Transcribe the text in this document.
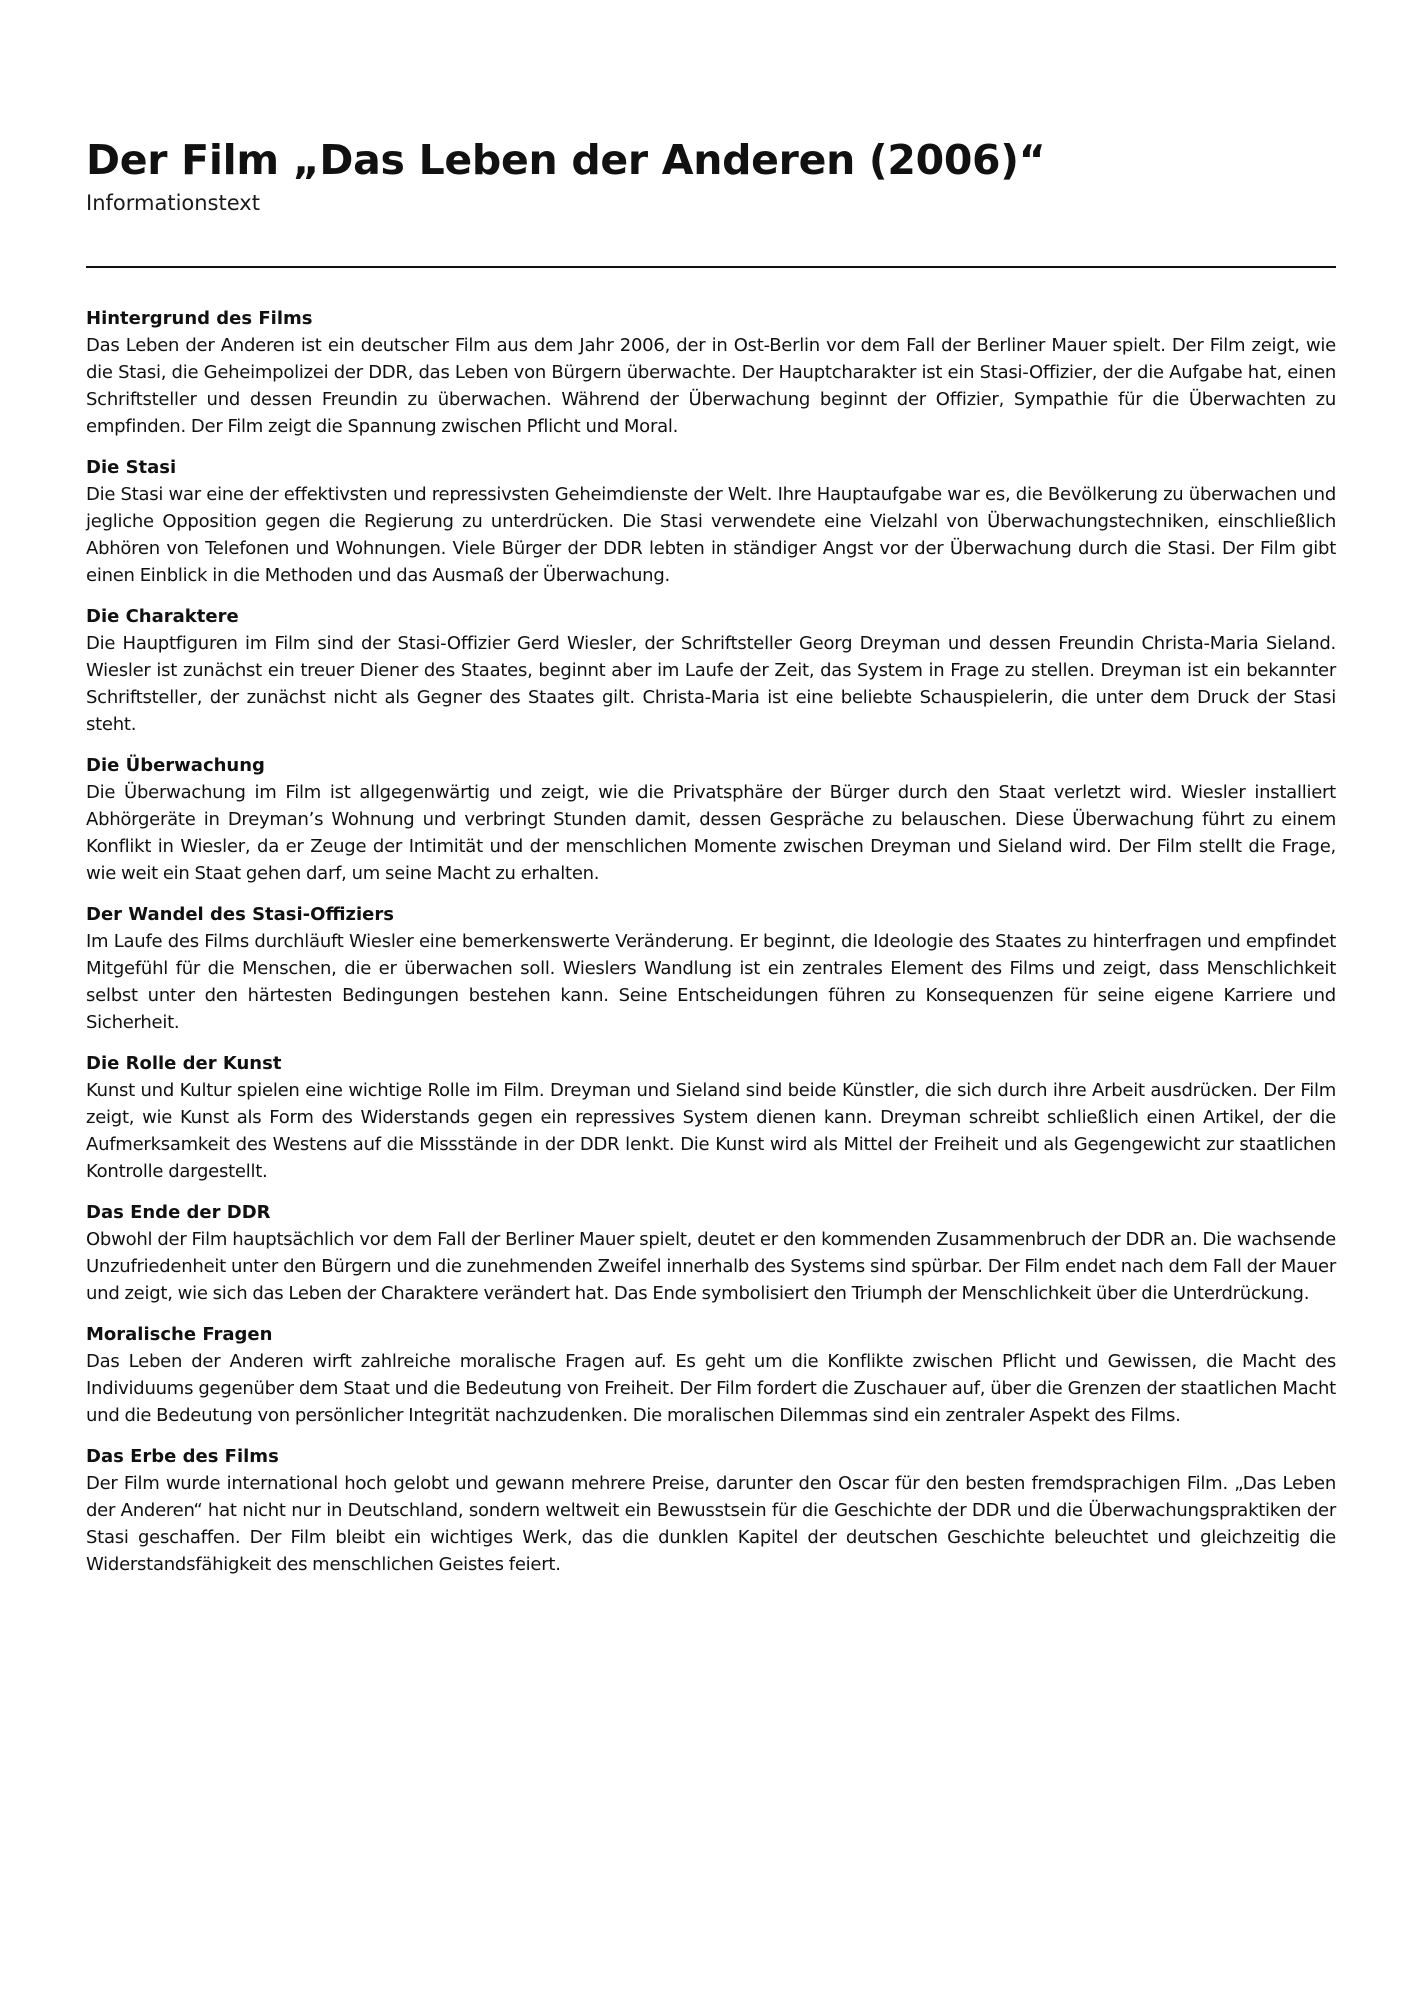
Der Film „Das Leben der Anderen (2006)“
Informationstext
Hintergrund des Films

Das Leben der Anderen ist ein deutscher Film aus dem Jahr 2006, der in Ost-Berlin vor dem Fall der Berliner Mauer spielt. Der Film zeigt, wie die Stasi, die Geheimpolizei der DDR, das Leben von Bürgern überwachte. Der Hauptcharakter ist ein Stasi-Offizier, der die Aufgabe hat, einen Schriftsteller und dessen Freundin zu überwachen. Während der Überwachung beginnt der Offizier, Sympathie für die Überwachten zu empfinden. Der Film zeigt die Spannung zwischen Pflicht und Moral.

Die Stasi

Die Stasi war eine der effektivsten und repressivsten Geheimdienste der Welt. Ihre Hauptaufgabe war es, die Bevölkerung zu überwachen und jegliche Opposition gegen die Regierung zu unterdrücken. Die Stasi verwendete eine Vielzahl von Überwachungstechniken, einschließlich Abhören von Telefonen und Wohnungen. Viele Bürger der DDR lebten in ständiger Angst vor der Überwachung durch die Stasi. Der Film gibt einen Einblick in die Methoden und das Ausmaß der Überwachung.

Die Charaktere

Die Hauptfiguren im Film sind der Stasi-Offizier Gerd Wiesler, der Schriftsteller Georg Dreyman und dessen Freundin Christa-Maria Sieland. Wiesler ist zunächst ein treuer Diener des Staates, beginnt aber im Laufe der Zeit, das System in Frage zu stellen. Dreyman ist ein bekannter Schriftsteller, der zunächst nicht als Gegner des Staates gilt. Christa-Maria ist eine beliebte Schauspielerin, die unter dem Druck der Stasi steht.

Die Überwachung

Die Überwachung im Film ist allgegenwärtig und zeigt, wie die Privatsphäre der Bürger durch den Staat verletzt wird. Wiesler installiert Abhörgeräte in Dreyman’s Wohnung und verbringt Stunden damit, dessen Gespräche zu belauschen. Diese Überwachung führt zu einem Konflikt in Wiesler, da er Zeuge der Intimität und der menschlichen Momente zwischen Dreyman und Sieland wird. Der Film stellt die Frage, wie weit ein Staat gehen darf, um seine Macht zu erhalten.

Der Wandel des Stasi-Offiziers

Im Laufe des Films durchläuft Wiesler eine bemerkenswerte Veränderung. Er beginnt, die Ideologie des Staates zu hinterfragen und empfindet Mitgefühl für die Menschen, die er überwachen soll. Wieslers Wandlung ist ein zentrales Element des Films und zeigt, dass Menschlichkeit selbst unter den härtesten Bedingungen bestehen kann. Seine Entscheidungen führen zu Konsequenzen für seine eigene Karriere und Sicherheit.

Die Rolle der Kunst

Kunst und Kultur spielen eine wichtige Rolle im Film. Dreyman und Sieland sind beide Künstler, die sich durch ihre Arbeit ausdrücken. Der Film zeigt, wie Kunst als Form des Widerstands gegen ein repressives System dienen kann. Dreyman schreibt schließlich einen Artikel, der die Aufmerksamkeit des Westens auf die Missstände in der DDR lenkt. Die Kunst wird als Mittel der Freiheit und als Gegengewicht zur staatlichen Kontrolle dargestellt.

Das Ende der DDR

Obwohl der Film hauptsächlich vor dem Fall der Berliner Mauer spielt, deutet er den kommenden Zusammenbruch der DDR an. Die wachsende Unzufriedenheit unter den Bürgern und die zunehmenden Zweifel innerhalb des Systems sind spürbar. Der Film endet nach dem Fall der Mauer und zeigt, wie sich das Leben der Charaktere verändert hat. Das Ende symbolisiert den Triumph der Menschlichkeit über die Unterdrückung.

Moralische Fragen

Das Leben der Anderen wirft zahlreiche moralische Fragen auf. Es geht um die Konflikte zwischen Pflicht und Gewissen, die Macht des Individuums gegenüber dem Staat und die Bedeutung von Freiheit. Der Film fordert die Zuschauer auf, über die Grenzen der staatlichen Macht und die Bedeutung von persönlicher Integrität nachzudenken. Die moralischen Dilemmas sind ein zentraler Aspekt des Films.

Das Erbe des Films

Der Film wurde international hoch gelobt und gewann mehrere Preise, darunter den Oscar für den besten fremdsprachigen Film. „Das Leben der Anderen“ hat nicht nur in Deutschland, sondern weltweit ein Bewusstsein für die Geschichte der DDR und die Überwachungspraktiken der Stasi geschaffen. Der Film bleibt ein wichtiges Werk, das die dunklen Kapitel der deutschen Geschichte beleuchtet und gleichzeitig die Widerstandsfähigkeit des menschlichen Geistes feiert.
